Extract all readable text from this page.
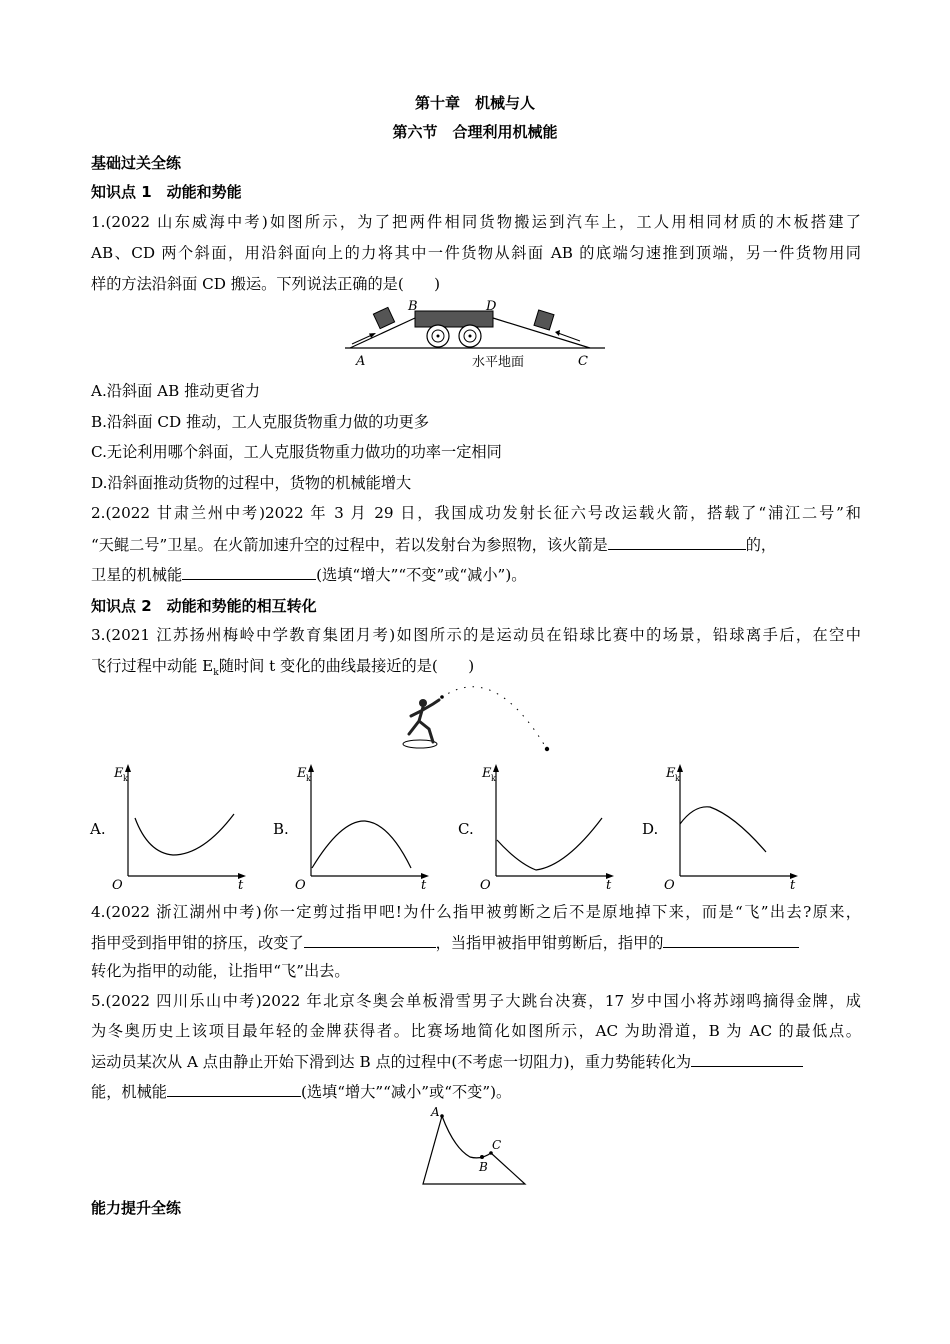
第十章　机械与人
第六节　合理利用机械能
基础过关全练
知识点 1　动能和势能
1.(2022 山东威海中考)如图所示，为了把两件相同货物搬运到汽车上，工人用相同材质的木板搭建了
AB、CD 两个斜面，用沿斜面向上的力将其中一件货物从斜面 AB 的底端匀速推到顶端，另一件货物用同
样的方法沿斜面 CD 搬运。下列说法正确的是(　　)
A
B	D
C
水平地面
A.沿斜面 AB 推动更省力
B.沿斜面 CD 推动，工人克服货物重力做的功更多
C.无论利用哪个斜面，工人克服货物重力做功的功率一定相同
D.沿斜面推动货物的过程中，货物的机械能增大
2.(2022 甘肃兰州中考)2022 年 3 月 29 日，我国成功发射长征六号改运载火箭，搭载了“浦江二号”和
“天鲲二号”卫星。在火箭加速升空的过程中，若以发射台为参照物，该火箭是	的，
卫星的机械能	(选填“增大”“不变”或“减小”)。
知识点 2　动能和势能的相互转化
3.(2021 江苏扬州梅岭中学教育集团月考)如图所示的是运动员在铅球比赛中的场景，铅球离手后，在空中
飞行过程中动能 $E_k$随时间 t 变化的曲线最接近的是(　　)
A.
E k
t
O
B.
E k
t
O
C.
E k
t
O
D.
E k
t
O
4.(2022 浙江湖州中考)你一定剪过指甲吧!为什么指甲被剪断之后不是原地掉下来，而是“飞”出去?原来，
指甲受到指甲钳的挤压，改变了	，当指甲被指甲钳剪断后，指甲的
转化为指甲的动能，让指甲“飞”出去。
5.(2022 四川乐山中考)2022 年北京冬奥会单板滑雪男子大跳台决赛，17 岁中国小将苏翊鸣摘得金牌，成
为冬奥历史上该项目最年轻的金牌获得者。比赛场地简化如图所示，AC 为助滑道，B 为 AC 的最低点。
运动员某次从 A 点由静止开始下滑到达 B 点的过程中(不考虑一切阻力)，重力势能转化为
能，机械能	(选填“增大”“减小”或“不变”)。
A
B
C
能力提升全练
